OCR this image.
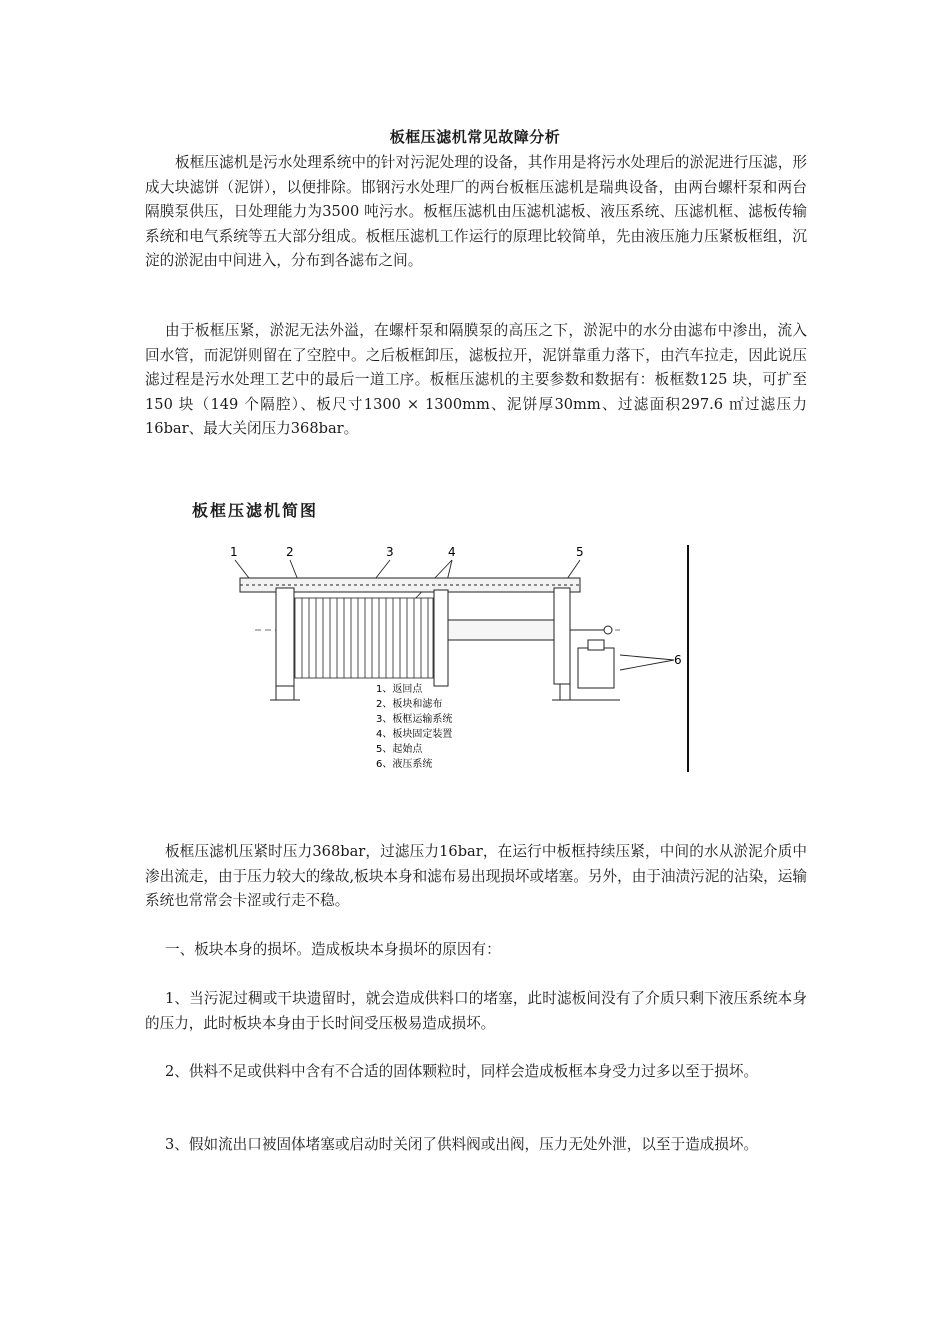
板框压滤机常见故障分析

板框压滤机是污水处理系统中的针对污泥处理的设备，其作用是将污水处理后的淤泥进行压滤，形成大块滤饼（泥饼），以便排除。邯钢污水处理厂的两台板框压滤机是瑞典设备，由两台螺杆泵和两台隔膜泵供压，日处理能力为3500 吨污水。板框压滤机由压滤机滤板、液压系统、压滤机框、滤板传输系统和电气系统等五大部分组成。板框压滤机工作运行的原理比较简单，先由液压施力压紧板框组，沉淀的淤泥由中间进入，分布到各滤布之间。

由于板框压紧，淤泥无法外溢，在螺杆泵和隔膜泵的高压之下，淤泥中的水分由滤布中渗出，流入回水管，而泥饼则留在了空腔中。之后板框卸压，滤板拉开，泥饼靠重力落下，由汽车拉走，因此说压滤过程是污水处理工艺中的最后一道工序。板框压滤机的主要参数和数据有：板框数125 块，可扩至150 块（149 个隔腔）、板尺寸1300 × 1300mm、泥饼厚30mm、过滤面积297.6 ㎡过滤压力16bar、最大关闭压力368bar。

板框压滤机简图
1	2	3	4	5
6
1、返回点
2、板块和滤布
3、板框运输系统
4、板块固定装置
5、起始点
6、液压系统

板框压滤机压紧时压力368bar，过滤压力16bar，在运行中板框持续压紧，中间的水从淤泥介质中渗出流走，由于压力较大的缘故,板块本身和滤布易出现损坏或堵塞。另外，由于油渍污泥的沾染，运输系统也常常会卡涩或行走不稳。

一、板块本身的损坏。造成板块本身损坏的原因有：

1、当污泥过稠或干块遗留时，就会造成供料口的堵塞，此时滤板间没有了介质只剩下液压系统本身的压力，此时板块本身由于长时间受压极易造成损坏。

2、供料不足或供料中含有不合适的固体颗粒时，同样会造成板框本身受力过多以至于损坏。

3、假如流出口被固体堵塞或启动时关闭了供料阀或出阀，压力无处外泄，以至于造成损坏。
